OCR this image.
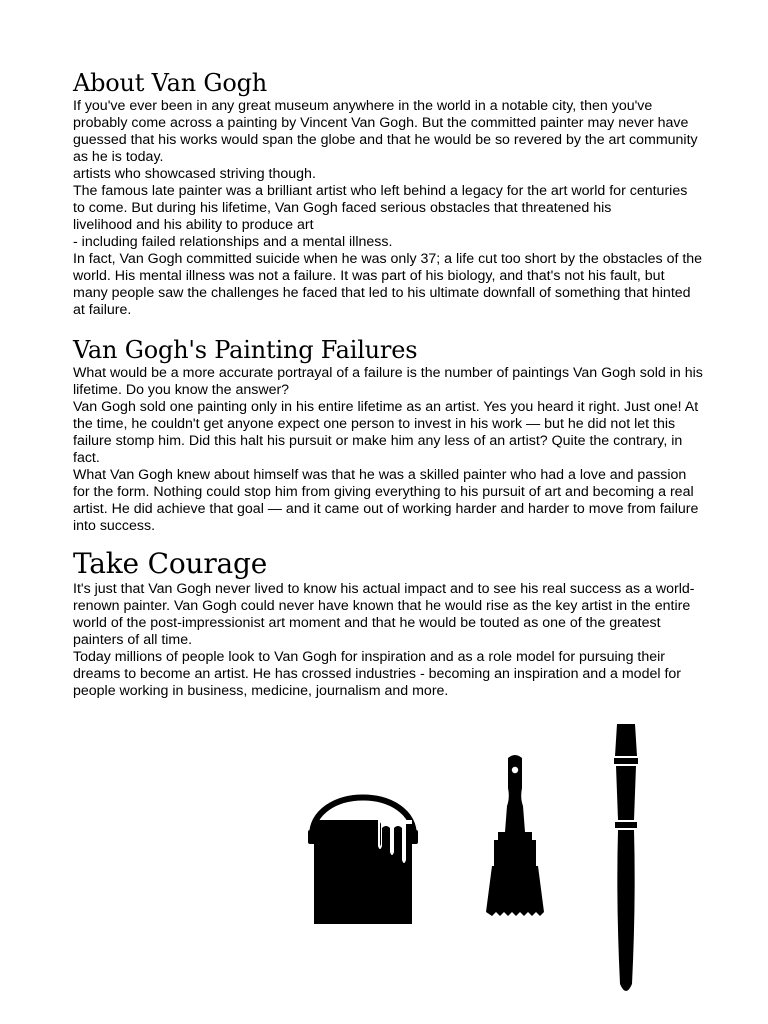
About Van Gogh

If you've ever been in any great museum anywhere in the world in a notable city, then you've probably come across a painting by Vincent Van Gogh. But the committed painter may never have guessed that his works would span the globe and that he would be so revered by the art community as he is today.

artists who showcased striving though.

The famous late painter was a brilliant artist who left behind a legacy for the art world for centuries to come. But during his lifetime, Van Gogh faced serious obstacles that threatened his

livelihood and his ability to produce art

- including failed relationships and a mental illness.

In fact, Van Gogh committed suicide when he was only 37; a life cut too short by the obstacles of the world. His mental illness was not a failure. It was part of his biology, and that's not his fault, but many people saw the challenges he faced that led to his ultimate downfall of something that hinted at failure.

Van Gogh's Painting Failures

What would be a more accurate portrayal of a failure is the number of paintings Van Gogh sold in his lifetime. Do you know the answer?

Van Gogh sold one painting only in his entire lifetime as an artist. Yes you heard it right. Just one! At the time, he couldn't get anyone expect one person to invest in his work — but he did not let this failure stomp him. Did this halt his pursuit or make him any less of an artist? Quite the contrary, in fact.

What Van Gogh knew about himself was that he was a skilled painter who had a love and passion for the form. Nothing could stop him from giving everything to his pursuit of art and becoming a real artist. He did achieve that goal — and it came out of working harder and harder to move from failure into success.

Take Courage

It's just that Van Gogh never lived to know his actual impact and to see his real success as a world-renown painter. Van Gogh could never have known that he would rise as the key artist in the entire world of the post-impressionist art moment and that he would be touted as one of the greatest painters of all time.

Today millions of people look to Van Gogh for inspiration and as a role model for pursuing their dreams to become an artist. He has crossed industries - becoming an inspiration and a model for people working in business, medicine, journalism and more.
